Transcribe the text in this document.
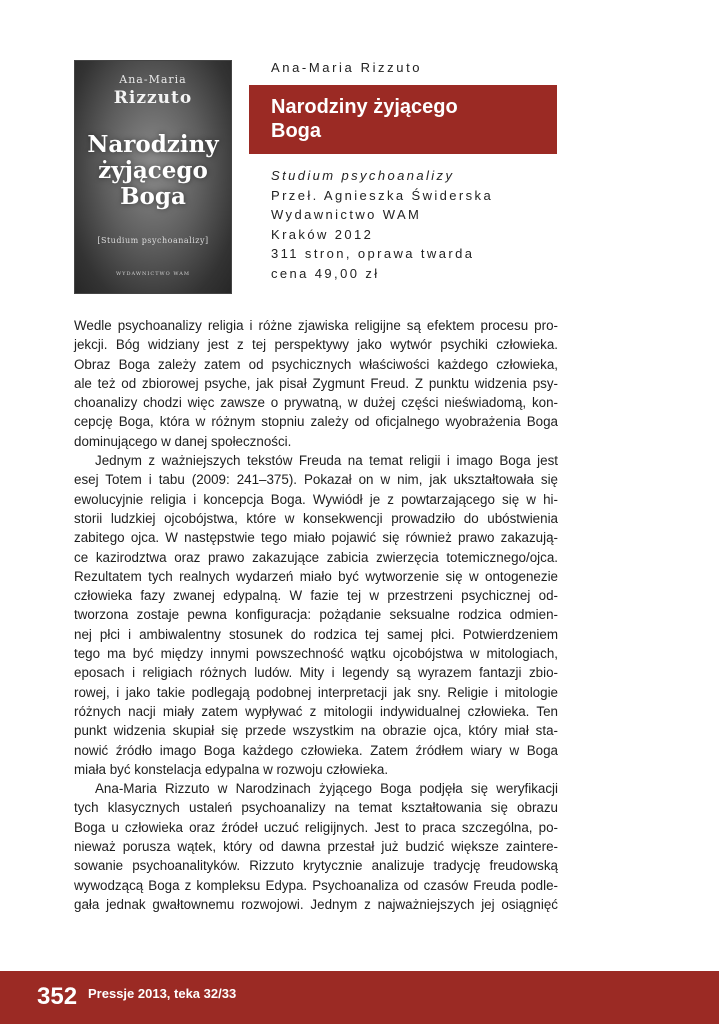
Ana-Maria
Rizzuto
Narodziny
żyjącego
Boga
[Studium psychoanalizy]
WYDAWNICTWO WAM
Ana-Maria Rizzuto
Narodziny żyjącego
Boga
Studium psychoanalizy
Przeł. Agnieszka Świderska
Wydawnictwo WAM
Kraków 2012
311 stron, oprawa twarda
cena 49,00 zł
Wedle psychoanalizy religia i różne zjawiska religijne są efektem procesu pro-
jekcji. Bóg widziany jest z tej perspektywy jako wytwór psychiki człowieka.
Obraz Boga zależy zatem od psychicznych właściwości każdego człowieka,
ale też od zbiorowej psyche, jak pisał Zygmunt Freud. Z punktu widzenia psy-
choanalizy chodzi więc zawsze o prywatną, w dużej części nieświadomą, kon-
cepcję Boga, która w różnym stopniu zależy od oficjalnego wyobrażenia Boga
dominującego w danej społeczności.
Jednym z ważniejszych tekstów Freuda na temat religii i imago Boga jest
esej Totem i tabu (2009: 241–375). Pokazał on w nim, jak ukształtowała się
ewolucyjnie religia i koncepcja Boga. Wywiódł je z powtarzającego się w hi-
storii ludzkiej ojcobójstwa, które w konsekwencji prowadziło do ubóstwienia
zabitego ojca. W następstwie tego miało pojawić się również prawo zakazują-
ce kazirodztwa oraz prawo zakazujące zabicia zwierzęcia totemicznego/ojca.
Rezultatem tych realnych wydarzeń miało być wytworzenie się w ontogenezie
człowieka fazy zwanej edypalną. W fazie tej w przestrzeni psychicznej od-
tworzona zostaje pewna konfiguracja: pożądanie seksualne rodzica odmien-
nej płci i ambiwalentny stosunek do rodzica tej samej płci. Potwierdzeniem
tego ma być między innymi powszechność wątku ojcobójstwa w mitologiach,
eposach i religiach różnych ludów. Mity i legendy są wyrazem fantazji zbio-
rowej, i jako takie podlegają podobnej interpretacji jak sny. Religie i mitologie
różnych nacji miały zatem wypływać z mitologii indywidualnej człowieka. Ten
punkt widzenia skupiał się przede wszystkim na obrazie ojca, który miał sta-
nowić źródło imago Boga każdego człowieka. Zatem źródłem wiary w Boga
miała być konstelacja edypalna w rozwoju człowieka.
Ana-Maria Rizzuto w Narodzinach żyjącego Boga podjęła się weryfikacji
tych klasycznych ustaleń psychoanalizy na temat kształtowania się obrazu
Boga u człowieka oraz źródeł uczuć religijnych. Jest to praca szczególna, po-
nieważ porusza wątek, który od dawna przestał już budzić większe zaintere-
sowanie psychoanalityków. Rizzuto krytycznie analizuje tradycję freudowską
wywodzącą Boga z kompleksu Edypa. Psychoanaliza od czasów Freuda podle-
gała jednak gwałtownemu rozwojowi. Jednym z najważniejszych jej osiągnięć
352 Pressje 2013, teka 32/33
